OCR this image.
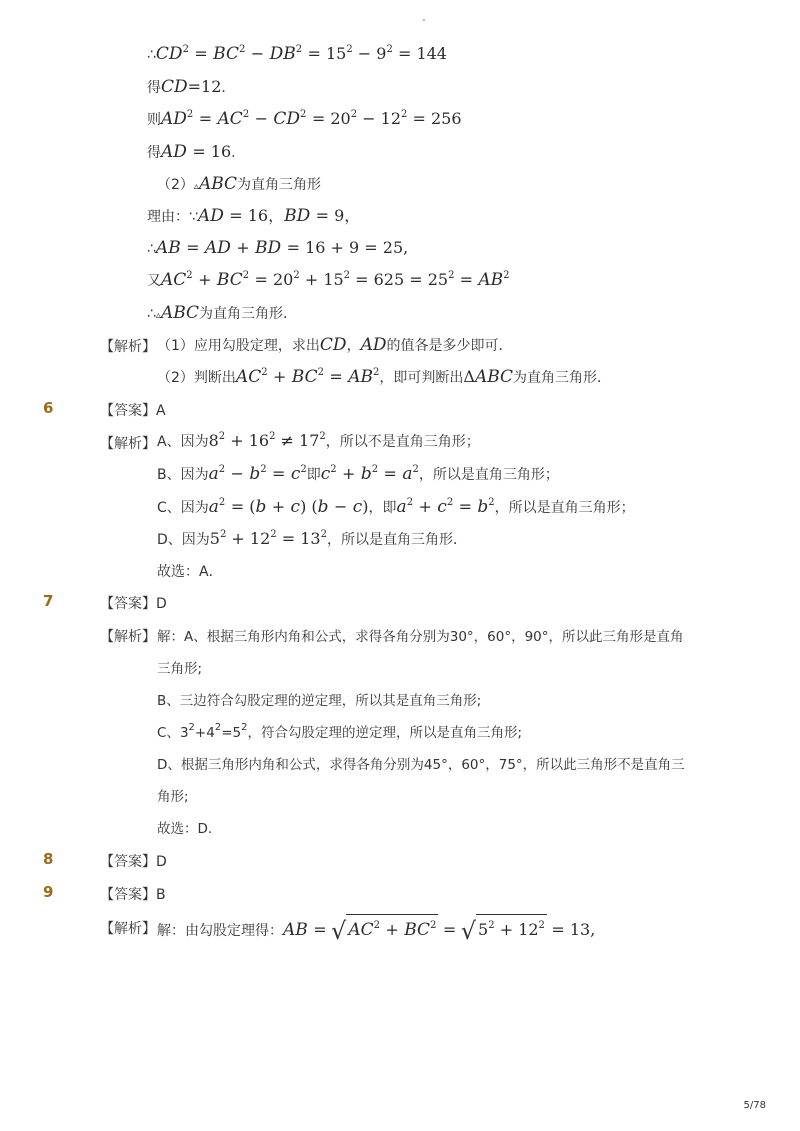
-
$\therefore CD^2 = BC^2 - DB^2 = 15^2 - 9^2 = 144$
得CD=12.
则$AD^2 = AC^2 - CD^2 = 20^2 - 12^2 = 256$
得AD = 16.
（2）▵ABC为直角三角形
理由：∵AD = 16，BD = 9，
∴AB = AD + BD = 16 + 9 = 25,
又$AC^2 + BC^2 = 20^2 + 15^2 = 625 = 25^2 = AB^2$
∴▵ABC为直角三角形．
【解析】 （1）应用勾股定理，求出CD，AD的值各是多少即可．
（2）判断出$AC^2 + BC^2 = AB^2$，即可判断出ΔABC为直角三角形．
6	【答案】A
【解析】 A、因为$8^2 + 16^2 \ne 17^2$，所以不是直角三角形；
B、因为$a^2 - b^2 = c^2$即$c^2 + b^2 = a^2$，所以是直角三角形；
C、因为$a^2 = (b + c) (b - c)$，即$a^2 + c^2 = b^2$，所以是直角三角形；
D、因为$5^2 + 12^2 = 13^2$，所以是直角三角形．
故选：A．
7	【答案】D
【解析】 解：A、根据三角形内角和公式，求得各角分别为30°，60°，90°，所以此三角形是直角
三角形;
B、三边符合勾股定理的逆定理，所以其是直角三角形;
C、$3^2+4^2=5^2$，符合勾股定理的逆定理，所以是直角三角形;
D、根据三角形内角和公式，求得各角分别为45°，60°，75°，所以此三角形不是直角三
角形;
故选：D.
8	【答案】D
9	【答案】B
【解析】 解：由勾股定理得：AB = √ $AC^2 + BC^2$ = √ $5^2 + 12^2 = 13$,
5/78
